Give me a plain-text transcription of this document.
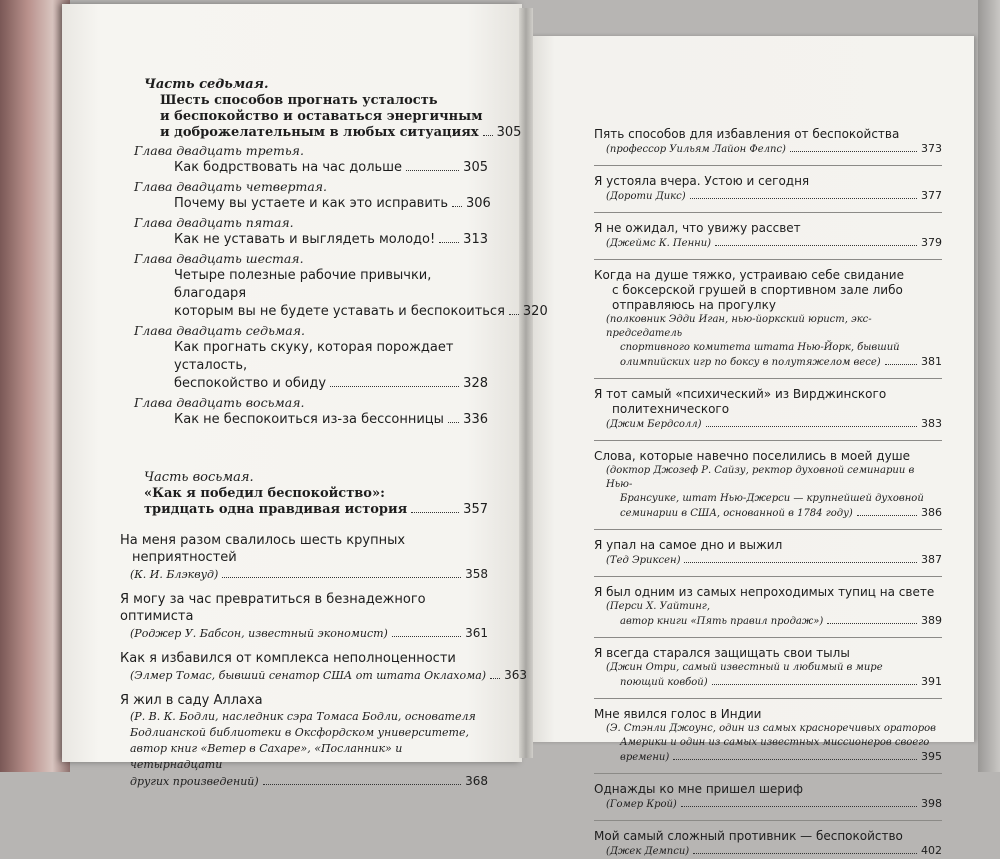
Часть седьмая.
Шесть способов прогнать усталость
и беспокойство и оставаться энергичным
и доброжелательным в любых ситуациях 305
Глава двадцать третья.
Как бодрствовать на час дольше	305
Глава двадцать четвертая.
Почему вы устаете и как это исправить 306
Глава двадцать пятая.
Как не уставать и выглядеть молодо! 313
Глава двадцать шестая.
Четыре полезные рабочие привычки, благодаря
которым вы не будете уставать и беспокоиться 320
Глава двадцать седьмая.
Как прогнать скуку, которая порождает усталость,
беспокойство и обиду	328
Глава двадцать восьмая.
Как не беспокоиться из-за бессонницы 336
Часть восьмая.
«Как я победил беспокойство»:
тридцать одна правдивая история	357
На меня разом свалилось шесть крупных
неприятностей
(К. И. Блэквуд)	358
Я могу за час превратиться в безнадежного оптимиста
(Роджер У. Бабсон, известный экономист)	361
Как я избавился от комплекса неполноценности
(Элмер Томас, бывший сенатор США от штата Оклахома) 363
Я жил в саду Аллаха
(Р. В. К. Бодли, наследник сэра Томаса Бодли, основателя
Бодлианской библиотеки в Оксфордском университете,
автор книг «Ветер в Сахаре», «Посланник» и четырнадцати
других произведений)	368
Пять способов для избавления от беспокойства
(профессор Уильям Лайон Фелпс)	373
Я устояла вчера. Устою и сегодня
(Дороти Дикс)	377
Я не ожидал, что увижу рассвет
(Джеймс К. Пенни)	379
Когда на душе тяжко, устраиваю себе свидание
с боксерской грушей в спортивном зале либо
отправляюсь на прогулку
(полковник Эдди Иган, нью-йоркский юрист, экс-председатель
спортивного комитета штата Нью-Йорк, бывший
олимпийских игр по боксу в полутяжелом весе)	381
Я тот самый «психический» из Вирджинского
политехнического
(Джим Бердсолл)	383
Слова, которые навечно поселились в моей душе
(доктор Джозеф Р. Сайзу, ректор духовной семинарии в Нью-
Брансуике, штат Нью-Джерси — крупнейшей духовной
семинарии в США, основанной в 1784 году)	386
Я упал на самое дно и выжил
(Тед Эриксен)	387
Я был одним из самых непроходимых тупиц на свете
(Перси Х. Уайтинг,
автор книги «Пять правил продаж»)	389
Я всегда старался защищать свои тылы
(Джин Отри, самый известный и любимый в мире
поющий ковбой)	391
Мне явился голос в Индии
(Э. Стэнли Джоунс, один из самых красноречивых ораторов
Америки и один из самых известных миссионеров своего
времени)	395
Однажды ко мне пришел шериф
(Гомер Крой)	398
Мой самый сложный противник — беспокойство
(Джек Демпси)	402
